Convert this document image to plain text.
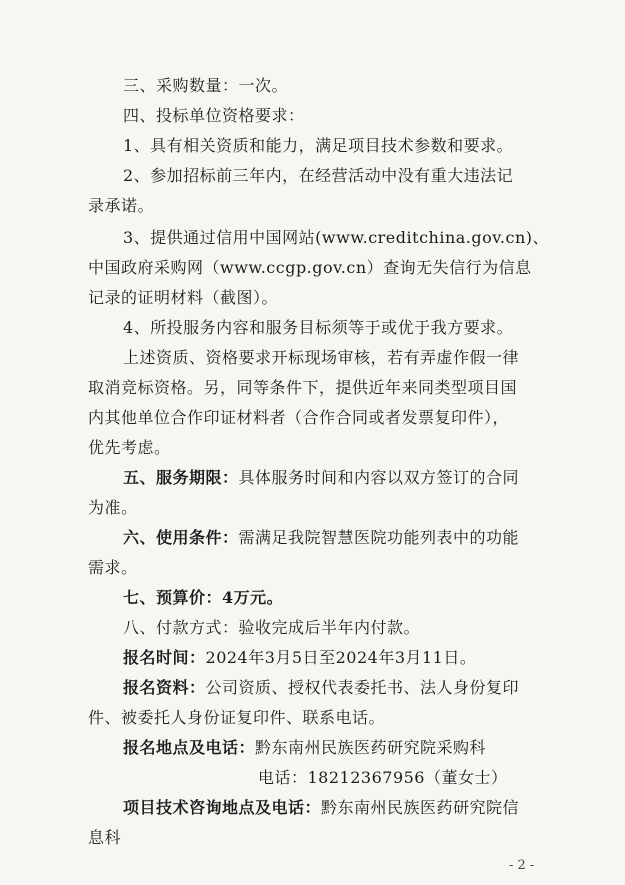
三、采购数量：一次。
四、投标单位资格要求：
1、具有相关资质和能力，满足项目技术参数和要求。
2、参加招标前三年内，在经营活动中没有重大违法记
录承诺。
3、提供通过信用中国网站(www.creditchina.gov.cn)、
中国政府采购网（www.ccgp.gov.cn）查询无失信行为信息
记录的证明材料（截图）。
4、所投服务内容和服务目标须等于或优于我方要求。
上述资质、资格要求开标现场审核，若有弄虚作假一律
取消竞标资格。另，同等条件下，提供近年来同类型项目国
内其他单位合作印证材料者（合作合同或者发票复印件），
优先考虑。
五、服务期限：具体服务时间和内容以双方签订的合同
为准。
六、使用条件：需满足我院智慧医院功能列表中的功能
需求。
七、预算价：4万元。
八、付款方式：验收完成后半年内付款。
报名时间：2024年3月5日至2024年3月11日。
报名资料：公司资质、授权代表委托书、法人身份复印
件、被委托人身份证复印件、联系电话。
报名地点及电话：黔东南州民族医药研究院采购科
电话：18212367956（董女士）
项目技术咨询地点及电话：黔东南州民族医药研究院信
息科
- 2 -
